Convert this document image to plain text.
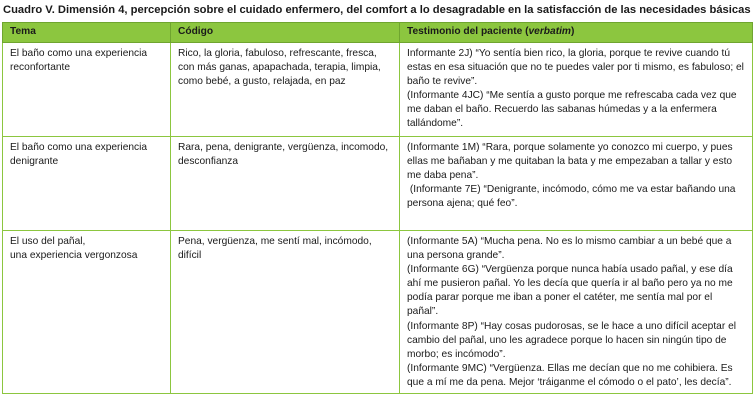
Cuadro V. Dimensión 4, percepción sobre el cuidado enfermero, del comfort a lo desagradable en la satisfacción de las necesidades básicas
Tema	Código	Testimonio del paciente (verbatim)
El baño como una experiencia reconfortante	Rico, la gloria, fabuloso, refrescante, fresca, con más ganas, apapachada, terapia, limpia, como bebé, a gusto, relajada, en paz	Informante 2J) “Yo sentía bien rico, la gloria, porque te revive cuando tú estas en esa situación que no te puedes valer por ti mismo, es fabuloso; el baño te revive”.
(Informante 4JC) “Me sentía a gusto porque me refrescaba cada vez que me daban el baño. Recuerdo las sabanas húmedas y a la enfermera tallándome”.

El baño como una experiencia denigrante	Rara, pena, denigrante, vergüenza, incomodo, desconfianza	(Informante 1M) “Rara, porque solamente yo conozco mi cuerpo, y pues ellas me bañaban y me quitaban la bata y me empezaban a tallar y esto me daba pena”.
(Informante 7E) “Denigrante, incómodo, cómo me va estar bañando una persona ajena; qué feo”.

El uso del pañal,
una experiencia vergonzosa	Pena, vergüenza, me sentí mal, incómodo, difícil	(Informante 5A) “Mucha pena. No es lo mismo cambiar a un bebé que a una persona grande”.
(Informante 6G) “Vergüenza porque nunca había usado pañal, y ese día ahí me pusieron pañal. Yo les decía que quería ir al baño pero ya no me podía parar porque me iban a poner el catéter, me sentía mal por el pañal”.
(Informante 8P) “Hay cosas pudorosas, se le hace a uno difícil aceptar el cambio del pañal, uno les agradece porque lo hacen sin ningún tipo de morbo; es incómodo”.
(Informante 9MC) “Vergüenza. Ellas me decían que no me cohibiera. Es que a mí me da pena. Mejor ‘tráiganme el cómodo o el pato’, les decía”.
